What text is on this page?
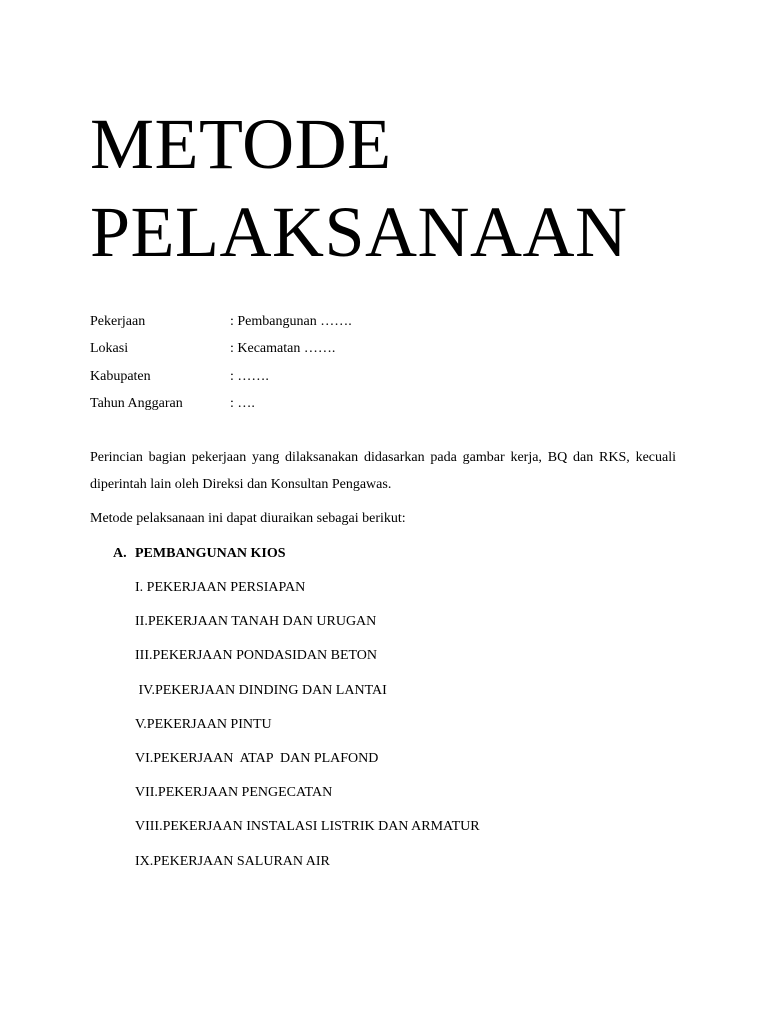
METODE
PELAKSANAAN
Pekerjaan	: Pembangunan …….
Lokasi	: Kecamatan …….
Kabupaten	: …….
Tahun Anggaran	: ….

Perincian bagian pekerjaan yang dilaksanakan didasarkan pada gambar kerja, BQ dan RKS, kecuali diperintah lain oleh Direksi dan Konsultan Pengawas.

Metode pelaksanaan ini dapat diuraikan sebagai berikut:

A. PEMBANGUNAN KIOS

I. PEKERJAAN PERSIAPAN
II.PEKERJAAN TANAH DAN URUGAN
III.PEKERJAAN PONDASIDAN BETON
IV.PEKERJAAN DINDING DAN LANTAI
V.PEKERJAAN PINTU
VI.PEKERJAAN  ATAP  DAN PLAFOND
VII.PEKERJAAN PENGECATAN
VIII.PEKERJAAN INSTALASI LISTRIK DAN ARMATUR
IX.PEKERJAAN SALURAN AIR
